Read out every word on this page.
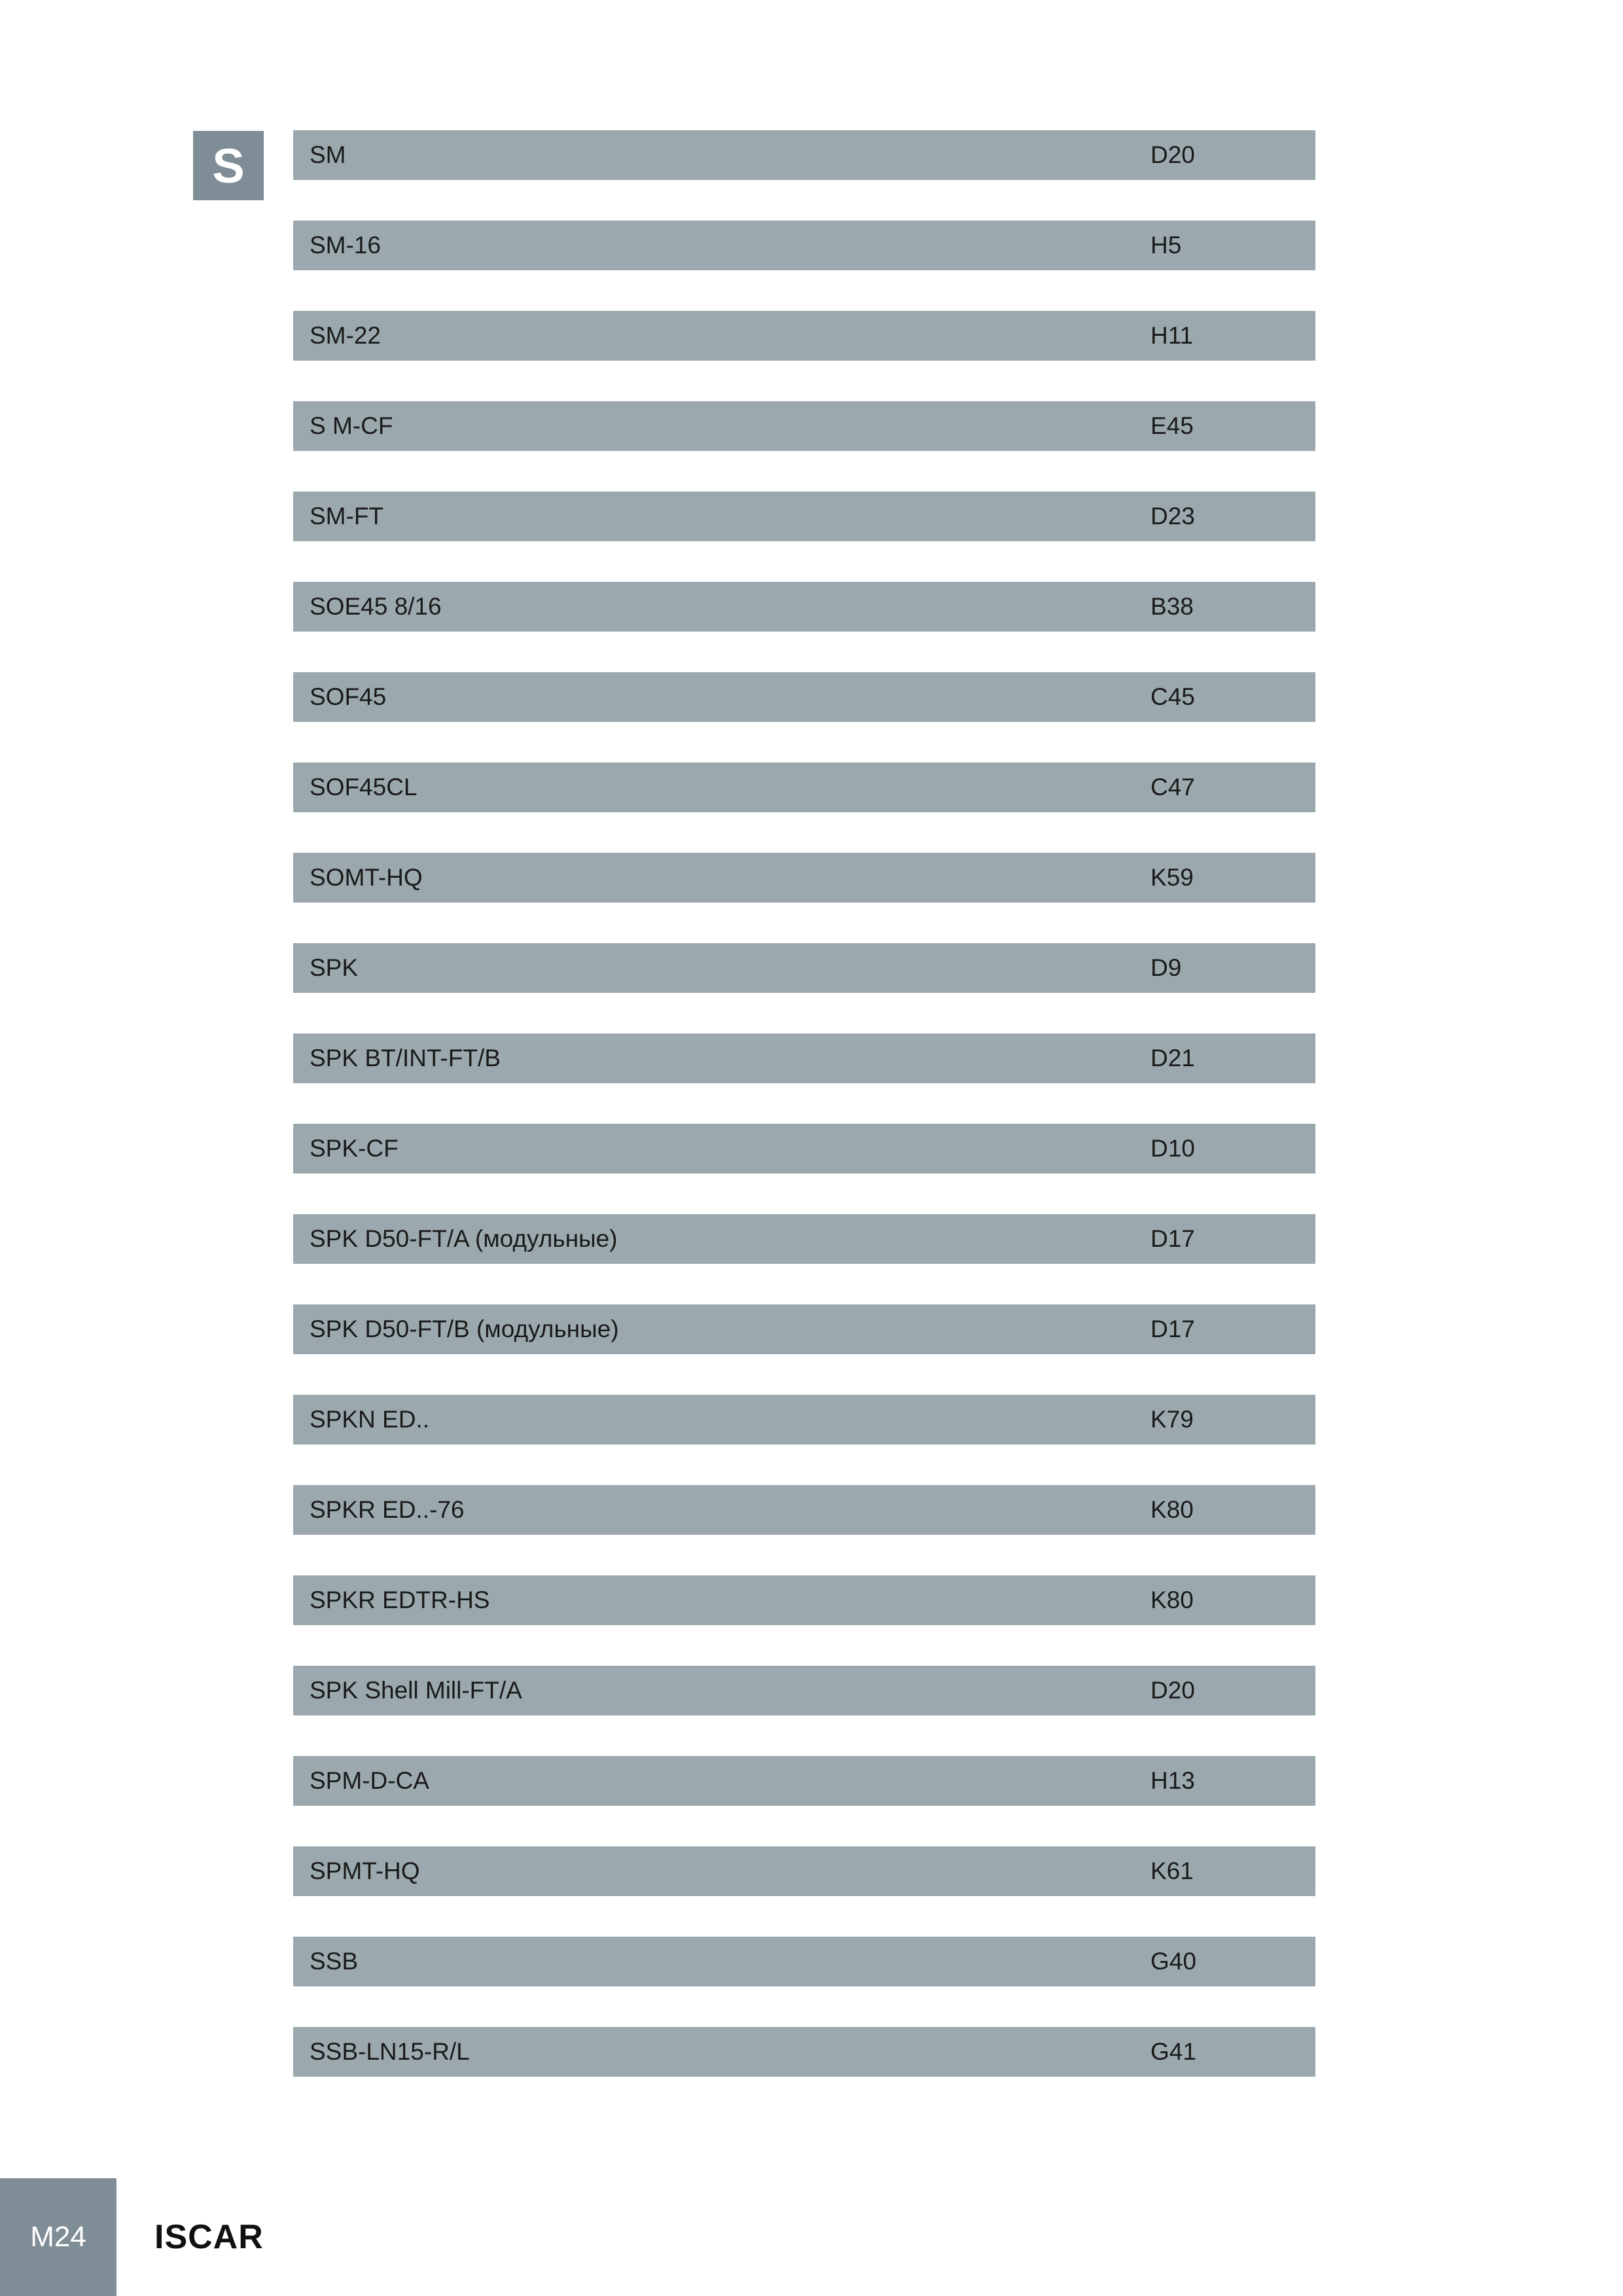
S	SM	D20
SM-16	H5
SM-22	H11
S M-CF	E45
SM-FT	D23
SOE45 8/16	B38
SOF45	C45
SOF45CL	C47
SOMT-HQ	K59
SPK	D9
SPK BT/INT-FT/B	D21
SPK-CF	D10
SPK D50-FT/A (модульные)	D17
SPK D50-FT/B (модульные)	D17
SPKN ED..	K79
SPKR ED..-76	K80
SPKR EDTR-HS	K80
SPK Shell Mill-FT/A	D20
SPM-D-CA	H13
SPMT-HQ	K61
SSB	G40
SSB-LN15-R/L	G41
M24	ISCAR
